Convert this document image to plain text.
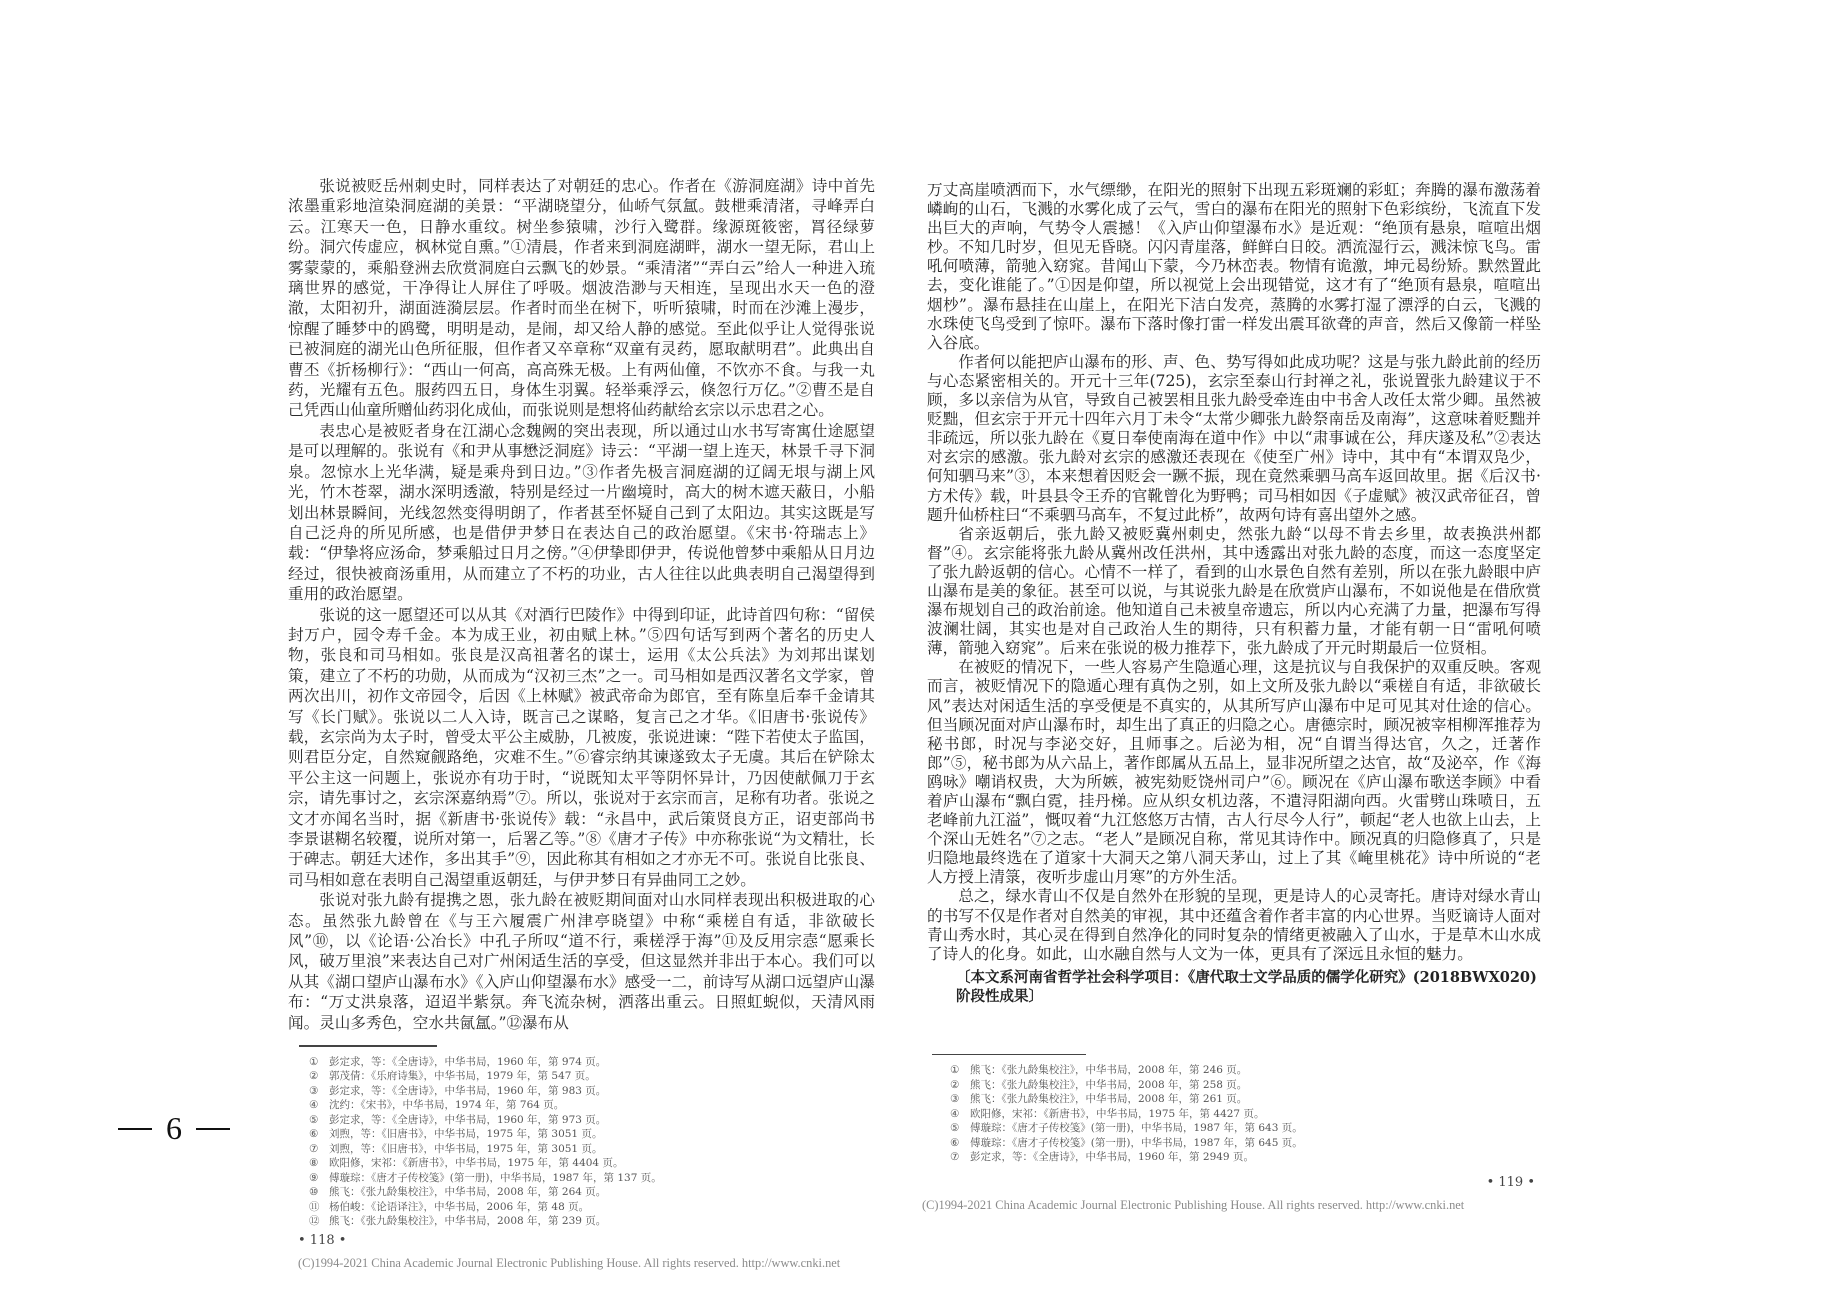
张说被贬岳州刺史时，同样表达了对朝廷的忠心。作者在《游洞庭湖》诗中首先浓墨重彩地渲染洞庭湖的美景：“平湖晓望分，仙峤气氛氲。鼓枻乘清渚，寻峰弄白云。江寒天一色，日静水重纹。树坐参猿啸，沙行入鹭群。缘源斑筱密，罥径绿萝纷。洞穴传虚应，枫林觉自熏。”①清晨，作者来到洞庭湖畔，湖水一望无际，君山上雾蒙蒙的，乘船登洲去欣赏洞庭白云飘飞的妙景。“乘清渚”“弄白云”给人一种进入琉璃世界的感觉，干净得让人屏住了呼吸。烟波浩渺与天相连，呈现出水天一色的澄澈，太阳初升，湖面涟漪层层。作者时而坐在树下，听听猿啸，时而在沙滩上漫步，惊醒了睡梦中的鸥鹭，明明是动，是闹，却又给人静的感觉。至此似乎让人觉得张说已被洞庭的湖光山色所征服，但作者又卒章称“双童有灵药，愿取献明君”。此典出自曹丕《折杨柳行》：“西山一何高，高高殊无极。上有两仙僮，不饮亦不食。与我一丸药，光耀有五色。服药四五日，身体生羽翼。轻举乘浮云，倏忽行万亿。”②曹丕是自己凭西山仙童所赠仙药羽化成仙，而张说则是想将仙药献给玄宗以示忠君之心。

表忠心是被贬者身在江湖心念魏阙的突出表现，所以通过山水书写寄寓仕途愿望是可以理解的。张说有《和尹从事懋泛洞庭》诗云：“平湖一望上连天，林景千寻下洞泉。忽惊水上光华满，疑是乘舟到日边。”③作者先极言洞庭湖的辽阔无垠与湖上风光，竹木苍翠，湖水深明透澈，特别是经过一片幽境时，高大的树木遮天蔽日，小船划出林景瞬间，光线忽然变得明朗了，作者甚至怀疑自己到了太阳边。其实这既是写自己泛舟的所见所感，也是借伊尹梦日在表达自己的政治愿望。《宋书·符瑞志上》载：“伊挚将应汤命，梦乘船过日月之傍。”④伊挚即伊尹，传说他曾梦中乘船从日月边经过，很快被商汤重用，从而建立了不朽的功业，古人往往以此典表明自己渴望得到重用的政治愿望。

张说的这一愿望还可以从其《对酒行巴陵作》中得到印证，此诗首四句称：“留侯封万户，园令寿千金。本为成王业，初由赋上林。”⑤四句话写到两个著名的历史人物，张良和司马相如。张良是汉高祖著名的谋士，运用《太公兵法》为刘邦出谋划策，建立了不朽的功勋，从而成为“汉初三杰”之一。司马相如是西汉著名文学家，曾两次出川，初作文帝园令，后因《上林赋》被武帝命为郎官，至有陈皇后奉千金请其写《长门赋》。张说以二人入诗，既言己之谋略，复言己之才华。《旧唐书·张说传》载，玄宗尚为太子时，曾受太平公主威胁，几被废，张说进谏：“陛下若使太子监国，则君臣分定，自然窥觎路绝，灾难不生。”⑥睿宗纳其谏遂致太子无虞。其后在铲除太平公主这一问题上，张说亦有功于时，“说既知太平等阴怀异计，乃因使献佩刀于玄宗，请先事讨之，玄宗深嘉纳焉”⑦。所以，张说对于玄宗而言，足称有功者。张说之文才亦闻名当时，据《新唐书·张说传》载：“永昌中，武后策贤良方正，诏吏部尚书李景谌糊名较覆，说所对第一，后署乙等。”⑧《唐才子传》中亦称张说“为文精壮，长于碑志。朝廷大述作，多出其手”⑨，因此称其有相如之才亦无不可。张说自比张良、司马相如意在表明自己渴望重返朝廷，与伊尹梦日有异曲同工之妙。

张说对张九龄有提携之恩，张九龄在被贬期间面对山水同样表现出积极进取的心态。虽然张九龄曾在《与王六履震广州津亭晓望》中称“乘槎自有适，非欲破长风”⑩，以《论语·公冶长》中孔子所叹“道不行，乘槎浮于海”⑪及反用宗悫“愿乘长风，破万里浪”来表达自己对广州闲适生活的享受，但这显然并非出于本心。我们可以从其《湖口望庐山瀑布水》《入庐山仰望瀑布水》感受一二，前诗写从湖口远望庐山瀑布：“万丈洪泉落，迢迢半紫氛。奔飞流杂树，洒落出重云。日照虹蜺似，天清风雨闻。灵山多秀色，空水共氤氲。”⑫瀑布从

① 彭定求，等：《全唐诗》，中华书局，1960 年，第 974 页。
② 郭茂倩：《乐府诗集》，中华书局，1979 年，第 547 页。
③ 彭定求，等：《全唐诗》，中华书局，1960 年，第 983 页。
④ 沈约：《宋书》，中华书局，1974 年，第 764 页。
⑤ 彭定求，等：《全唐诗》，中华书局，1960 年，第 973 页。
⑥ 刘煦，等：《旧唐书》，中华书局，1975 年，第 3051 页。
⑦ 刘煦，等：《旧唐书》，中华书局，1975 年，第 3051 页。
⑧ 欧阳修，宋祁：《新唐书》，中华书局，1975 年，第 4404 页。
⑨ 傅璇琮：《唐才子传校笺》(第一册)，中华书局，1987 年，第 137 页。
⑩ 熊飞：《张九龄集校注》，中华书局，2008 年，第 264 页。
⑪ 杨伯峻：《论语译注》，中华书局，2006 年，第 48 页。
⑫ 熊飞：《张九龄集校注》，中华书局，2008 年，第 239 页。
• 118 •
(C)1994-2021 China Academic Journal Electronic Publishing House. All rights reserved. http://www.cnki.net

万丈高崖喷洒而下，水气缥缈，在阳光的照射下出现五彩斑斓的彩虹；奔腾的瀑布激荡着嶙峋的山石，飞溅的水雾化成了云气，雪白的瀑布在阳光的照射下色彩缤纷，飞流直下发出巨大的声响，气势令人震撼！《入庐山仰望瀑布水》是近观：“绝顶有悬泉，喧喧出烟杪。不知几时岁，但见无昏晓。闪闪青崖落，鲜鲜白日皎。洒流湿行云，溅沫惊飞鸟。雷吼何喷薄，箭驰入窈窕。昔闻山下蒙，今乃林峦表。物情有诡激，坤元曷纷矫。默然置此去，变化谁能了。”①因是仰望，所以视觉上会出现错觉，这才有了“绝顶有悬泉，喧喧出烟杪”。瀑布悬挂在山崖上，在阳光下洁白发亮，蒸腾的水雾打湿了漂浮的白云，飞溅的水珠使飞鸟受到了惊吓。瀑布下落时像打雷一样发出震耳欲聋的声音，然后又像箭一样坠入谷底。

作者何以能把庐山瀑布的形、声、色、势写得如此成功呢？这是与张九龄此前的经历与心态紧密相关的。开元十三年(725)，玄宗至泰山行封禅之礼，张说置张九龄建议于不顾，多以亲信为从官，导致自己被罢相且张九龄受牵连由中书舍人改任太常少卿。虽然被贬黜，但玄宗于开元十四年六月丁未令“太常少卿张九龄祭南岳及南海”，这意味着贬黜并非疏远，所以张九龄在《夏日奉使南海在道中作》中以“肃事诚在公，拜庆遂及私”②表达对玄宗的感激。张九龄对玄宗的感激还表现在《使至广州》诗中，其中有“本谓双凫少，何知驷马来”③，本来想着因贬会一蹶不振，现在竟然乘驷马高车返回故里。据《后汉书·方术传》载，叶县县令王乔的官靴曾化为野鸭；司马相如因《子虚赋》被汉武帝征召，曾题升仙桥柱曰“不乘驷马高车，不复过此桥”，故两句诗有喜出望外之感。

省亲返朝后，张九龄又被贬冀州刺史，然张九龄“以母不肯去乡里，故表换洪州都督”④。玄宗能将张九龄从冀州改任洪州，其中透露出对张九龄的态度，而这一态度坚定了张九龄返朝的信心。心情不一样了，看到的山水景色自然有差别，所以在张九龄眼中庐山瀑布是美的象征。甚至可以说，与其说张九龄是在欣赏庐山瀑布，不如说他是在借欣赏瀑布规划自己的政治前途。他知道自己未被皇帝遗忘，所以内心充满了力量，把瀑布写得波澜壮阔，其实也是对自己政治人生的期待，只有积蓄力量，才能有朝一日“雷吼何喷薄，箭驰入窈窕”。后来在张说的极力推荐下，张九龄成了开元时期最后一位贤相。

在被贬的情况下，一些人容易产生隐遁心理，这是抗议与自我保护的双重反映。客观而言，被贬情况下的隐遁心理有真伪之别，如上文所及张九龄以“乘槎自有适，非欲破长风”表达对闲适生活的享受便是不真实的，从其所写庐山瀑布中足可见其对仕途的信心。但当顾况面对庐山瀑布时，却生出了真正的归隐之心。唐德宗时，顾况被宰相柳浑推荐为秘书郎，时况与李泌交好，且师事之。后泌为相，况“自谓当得达官，久之，迁著作郎”⑤，秘书郎为从六品上，著作郎属从五品上，显非况所望之达官，故“及泌卒，作《海鸥咏》嘲诮权贵，大为所嫉，被宪劾贬饶州司户”⑥。顾况在《庐山瀑布歌送李顾》中看着庐山瀑布“飘白霓，挂丹梯。应从织女机边落，不遣浔阳湖向西。火雷劈山珠喷日，五老峰前九江溢”，慨叹着“九江悠悠万古情，古人行尽今人行”，顿起“老人也欲上山去，上个深山无姓名”⑦之志。“老人”是顾况自称，常见其诗作中。顾况真的归隐修真了，只是归隐地最终选在了道家十大洞天之第八洞天茅山，过上了其《崦里桃花》诗中所说的“老人方授上清箓，夜听步虚山月寒”的方外生活。

总之，绿水青山不仅是自然外在形貌的呈现，更是诗人的心灵寄托。唐诗对绿水青山的书写不仅是作者对自然美的审视，其中还蕴含着作者丰富的内心世界。当贬谪诗人面对青山秀水时，其心灵在得到自然净化的同时复杂的情绪更被融入了山水，于是草木山水成了诗人的化身。如此，山水融自然与人文为一体，更具有了深远且永恒的魅力。

〔本文系河南省哲学社会科学项目：《唐代取士文学品质的儒学化研究》(2018BWX020)阶段性成果〕
① 熊飞：《张九龄集校注》，中华书局，2008 年，第 246 页。
② 熊飞：《张九龄集校注》，中华书局，2008 年，第 258 页。
③ 熊飞：《张九龄集校注》，中华书局，2008 年，第 261 页。
④ 欧阳修，宋祁：《新唐书》，中华书局，1975 年，第 4427 页。
⑤ 傅璇琮：《唐才子传校笺》(第一册)，中华书局，1987 年，第 643 页。
⑥ 傅璇琮：《唐才子传校笺》(第一册)，中华书局，1987 年，第 645 页。
⑦ 彭定求，等：《全唐诗》，中华书局，1960 年，第 2949 页。
• 119 •
(C)1994-2021 China Academic Journal Electronic Publishing House. All rights reserved. http://www.cnki.net
6
